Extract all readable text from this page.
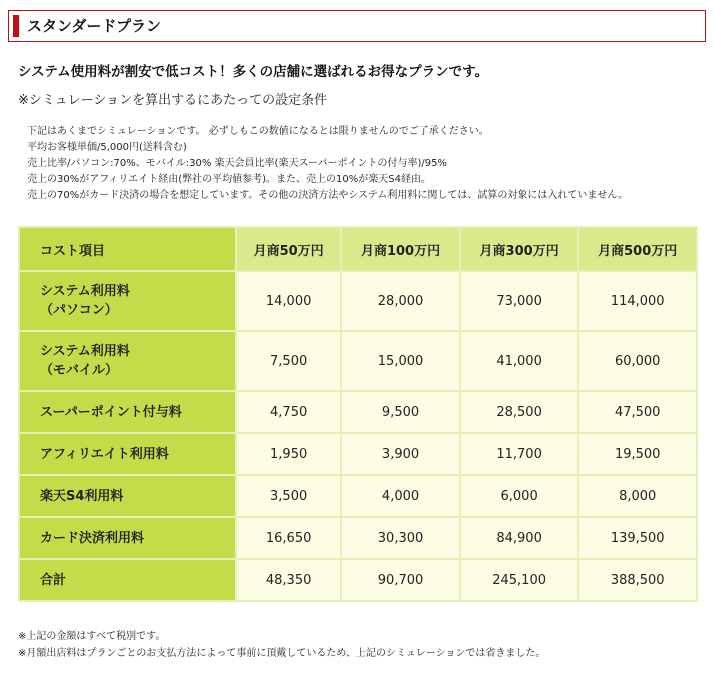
スタンダードプラン
システム使用料が割安で低コスト！多くの店舗に選ばれるお得なプランです。
※シミュレーションを算出するにあたっての設定条件
下記はあくまでシミュレーションです。 必ずしもこの数値になるとは限りませんのでご了承ください。
平均お客様単価/5,000円(送料含む)
売上比率/パソコン:70%、モバイル:30% 楽天会員比率(楽天スーパーポイントの付与率)/95%
売上の30%がアフィリエイト経由(弊社の平均値参考)。また、売上の10%が楽天S4経由。
売上の70%がカード決済の場合を想定しています。その他の決済方法やシステム利用料に関しては、試算の対象には入れていません。
コスト項目	月商50万円	月商100万円	月商300万円	月商500万円

システム利用料
（パソコン）	14,000	28,000	73,000	114,000

システム利用料
（モバイル）	7,500	15,000	41,000	60,000

スーパーポイント付与料	4,750	9,500	28,500	47,500

アフィリエイト利用料	1,950	3,900	11,700	19,500

楽天S4利用料	3,500	4,000	6,000	8,000

カード決済利用料	16,650	30,300	84,900	139,500

合計	48,350	90,700	245,100	388,500
※上記の金額はすべて税別です。
※月額出店料はプランごとのお支払方法によって事前に頂戴しているため、上記のシミュレーションでは省きました。
